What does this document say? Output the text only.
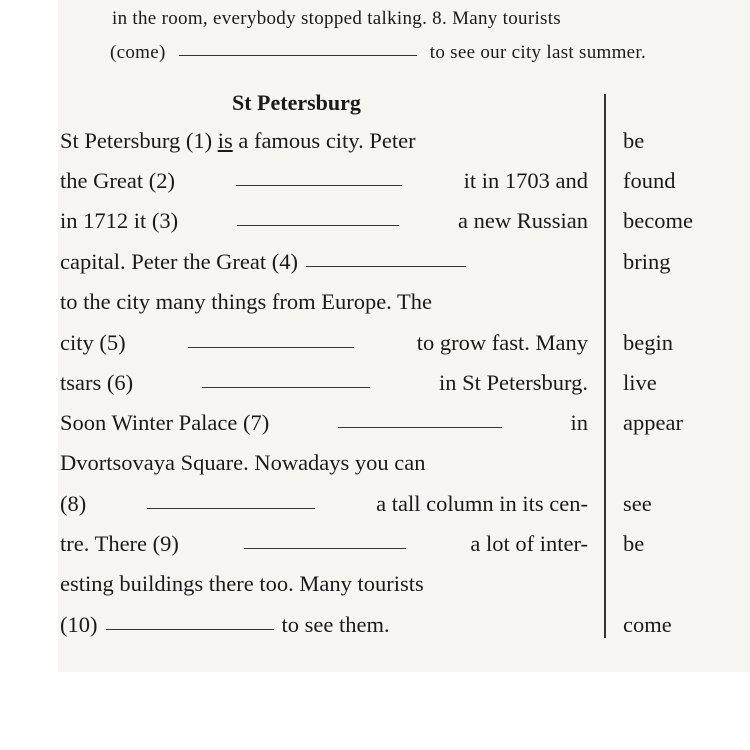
in the room, everybody stopped talking. 8. Many tourists
(come)	to see our city last summer.
St Petersburg
St Petersburg (1)
is
a famous city. Peter
the Great (2)	it in 1703 and
in 1712 it (3)	a new Russian
capital. Peter the Great (4)
to the city many things from Europe. The
city (5)	to grow fast. Many
tsars (6)	in St Petersburg.
Soon Winter Palace (7)	in
Dvortsovaya Square. Nowadays you can
(8)	a tall column in its cen-
tre. There (9)	a lot of inter-
esting buildings there too. Many tourists
(10)	to see them.
be
found
become
bring
begin
live
appear
see
be
come
